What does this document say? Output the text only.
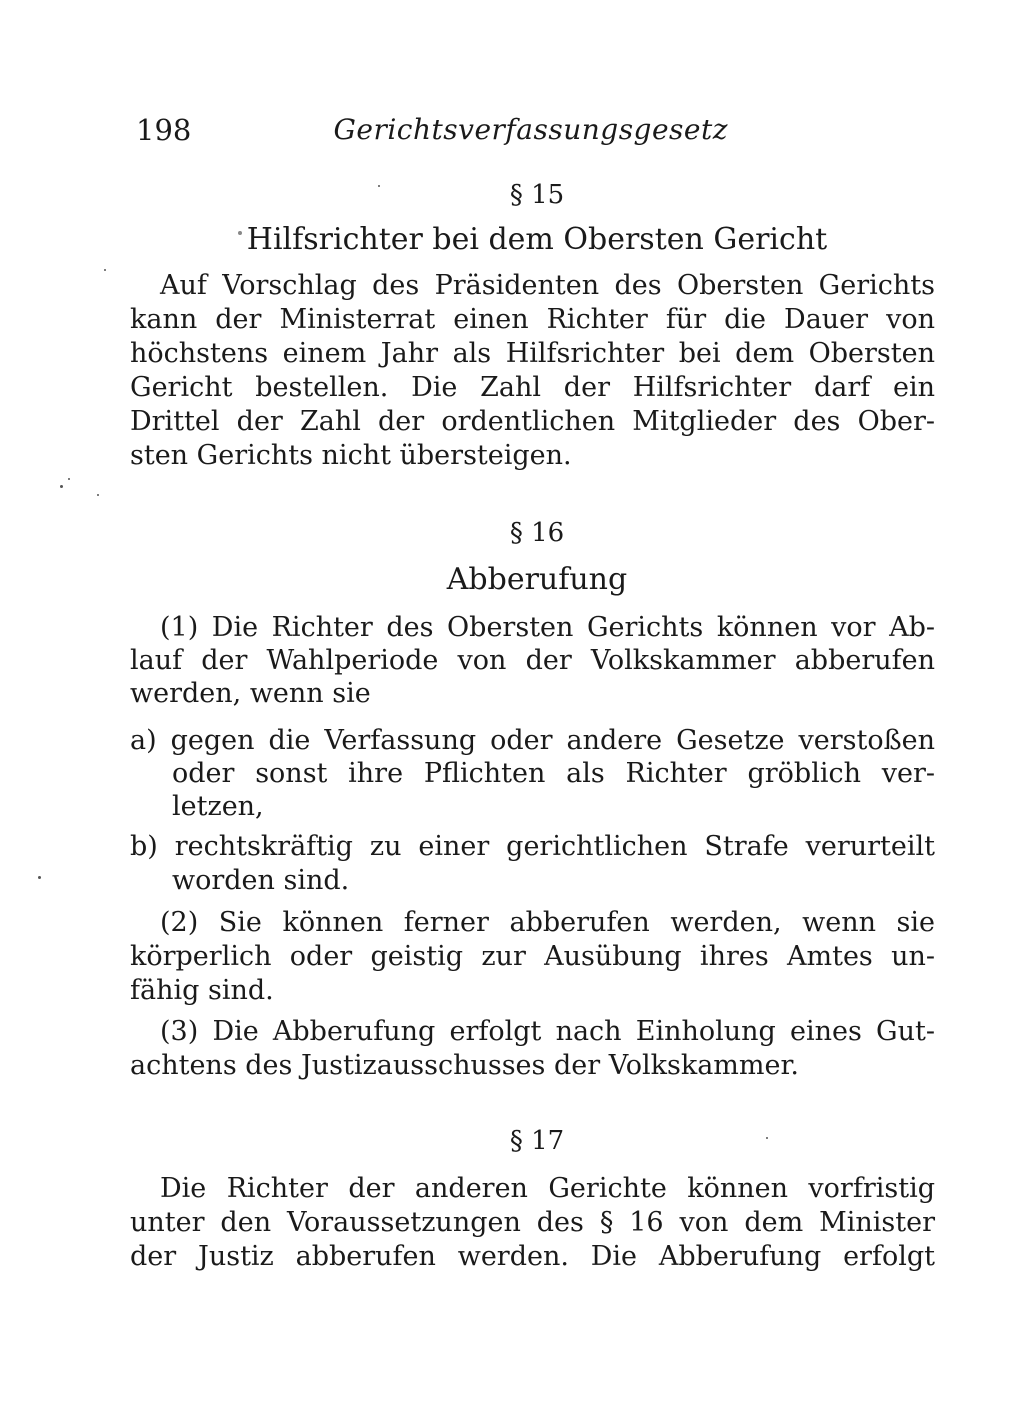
198	Gerichtsverfassungsgesetz
§ 15
Hilfsrichter bei dem Obersten Gericht
Auf Vorschlag des Präsidenten des Obersten Gerichts
kann der Ministerrat einen Richter für die Dauer von
höchstens einem Jahr als Hilfsrichter bei dem Obersten
Gericht bestellen. Die Zahl der Hilfsrichter darf ein
Drittel der Zahl der ordentlichen Mitglieder des Ober-
sten Gerichts nicht übersteigen.
§ 16
Abberufung
(1) Die Richter des Obersten Gerichts können vor Ab-
lauf der Wahlperiode von der Volkskammer abberufen
werden, wenn sie
a) gegen die Verfassung oder andere Gesetze verstoßen
oder sonst ihre Pflichten als Richter gröblich ver-
letzen,
b) rechtskräftig zu einer gerichtlichen Strafe verurteilt
worden sind.
(2) Sie können ferner abberufen werden, wenn sie
körperlich oder geistig zur Ausübung ihres Amtes un-
fähig sind.
(3) Die Abberufung erfolgt nach Einholung eines Gut-
achtens des Justizausschusses der Volkskammer.
§ 17
Die Richter der anderen Gerichte können vorfristig
unter den Voraussetzungen des § 16 von dem Minister
der Justiz abberufen werden. Die Abberufung erfolgt
